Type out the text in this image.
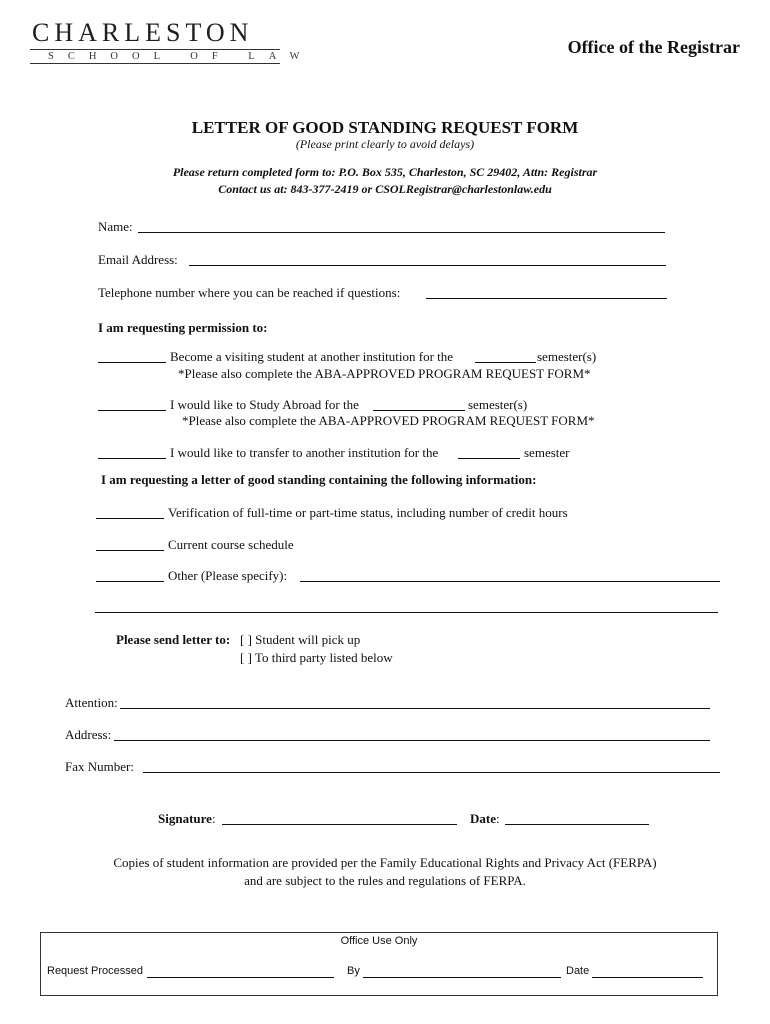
CHARLESTON
SCHOOL OF LAW	Office of the Registrar
LETTER OF GOOD STANDING REQUEST FORM
(Please print clearly to avoid delays)
Please return completed form to: P.O. Box 535, Charleston, SC 29402, Attn: Registrar
Contact us at: 843-377-2419 or CSOLRegistrar@charlestonlaw.edu
Name:
Email Address:
Telephone number where you can be reached if questions:
I am requesting permission to:
Become a visiting student at another institution for the	semester(s)
*Please also complete the ABA-APPROVED PROGRAM REQUEST FORM*
I would like to Study Abroad for the	semester(s)
*Please also complete the ABA-APPROVED PROGRAM REQUEST FORM*
I would like to transfer to another institution for the	semester
I am requesting a letter of good standing containing the following information:
Verification of full-time or part-time status, including number of credit hours
Current course schedule
Other (Please specify):
Please send letter to: [ ] Student will pick up
[ ] To third party listed below
Attention:
Address:
Fax Number:
Signature:	Date:
Copies of student information are provided per the Family Educational Rights and Privacy Act (FERPA)
and are subject to the rules and regulations of FERPA.
Office Use Only
Request Processed	By	Date
